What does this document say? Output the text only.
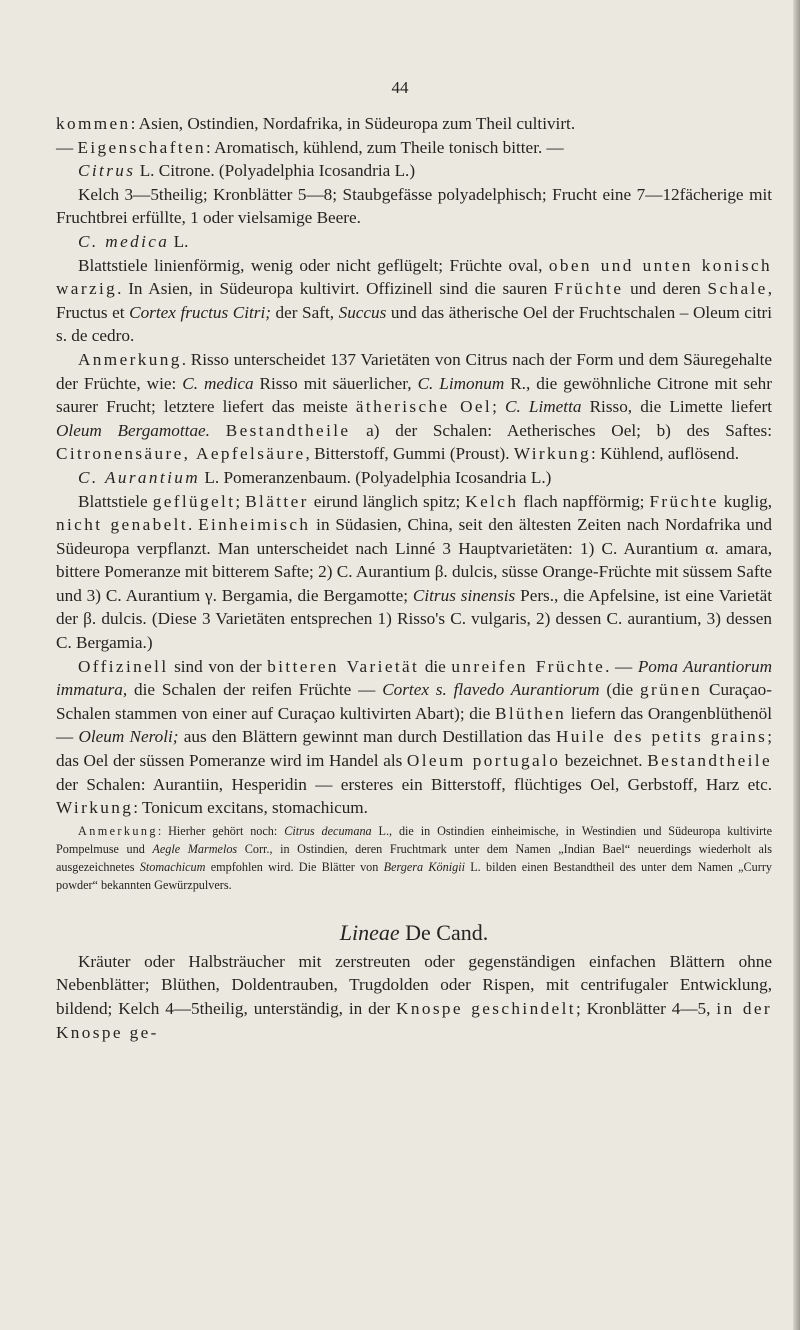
44

kommen: Asien, Ostindien, Nordafrika, in Südeuropa zum Theil cultivirt.

— Eigenschaften: Aromatisch, kühlend, zum Theile tonisch bitter. —

Citrus L. Citrone. (Polyadelphia Icosandria L.)

Kelch 3—5theilig; Kronblätter 5—8; Staubgefässe polyadelphisch; Frucht eine 7—12fächerige mit Fruchtbrei erfüllte, 1 oder vielsamige Beere.

C. medica L.

Blattstiele linienförmig, wenig oder nicht geflügelt; Früchte oval, oben und unten konisch warzig. In Asien, in Südeuropa kultivirt. Offizinell sind die sauren Früchte und deren Schale, Fructus et Cortex fructus Citri; der Saft, Succus und das ätherische Oel der Fruchtschalen – Oleum citri s. de cedro.

Anmerkung. Risso unterscheidet 137 Varietäten von Citrus nach der Form und dem Säuregehalte der Früchte, wie: C. medica Risso mit säuerlicher, C. Limonum R., die gewöhnliche Citrone mit sehr saurer Frucht; letztere liefert das meiste ätherische Oel; C. Limetta Risso, die Limette liefert Oleum Bergamottae. Bestandtheile a) der Schalen: Aetherisches Oel; b) des Saftes: Citronensäure, Aepfelsäure, Bitterstoff, Gummi (Proust). Wirkung: Kühlend, auflösend.

C. Aurantium L. Pomeranzenbaum. (Polyadelphia Icosandria L.)

Blattstiele geflügelt; Blätter eirund länglich spitz; Kelch flach napfförmig; Früchte kuglig, nicht genabelt. Einheimisch in Südasien, China, seit den ältesten Zeiten nach Nordafrika und Südeuropa verpflanzt. Man unterscheidet nach Linné 3 Hauptvarietäten: 1) C. Aurantium α. amara, bittere Pomeranze mit bitterem Safte; 2) C. Aurantium β. dulcis, süsse Orange-Früchte mit süssem Safte und 3) C. Aurantium γ. Bergamia, die Bergamotte; Citrus sinensis Pers., die Apfelsine, ist eine Varietät der β. dulcis. (Diese 3 Varietäten entsprechen 1) Risso's C. vulgaris, 2) dessen C. aurantium, 3) dessen C. Bergamia.)

Offizinell sind von der bitteren Varietät die unreifen Früchte. — Poma Aurantiorum immatura, die Schalen der reifen Früchte — Cortex s. flavedo Aurantiorum (die grünen Curaçao-Schalen stammen von einer auf Curaçao kultivirten Abart); die Blüthen liefern das Orangenblüthenöl — Oleum Neroli; aus den Blättern gewinnt man durch Destillation das Huile des petits grains; das Oel der süssen Pomeranze wird im Handel als Oleum portugalo bezeichnet. Bestandtheile der Schalen: Aurantiin, Hesperidin — ersteres ein Bitterstoff, flüchtiges Oel, Gerbstoff, Harz etc. Wirkung: Tonicum excitans, stomachicum.

Anmerkung: Hierher gehört noch: Citrus decumana L., die in Ostindien einheimische, in Westindien und Südeuropa kultivirte Pompelmuse und Aegle Marmelos Corr., in Ostindien, deren Fruchtmark unter dem Namen „Indian Bael“ neuerdings wiederholt als ausgezeichnetes Stomachicum empfohlen wird. Die Blätter von Bergera Königii L. bilden einen Bestandtheil des unter dem Namen „Curry powder“ bekannten Gewürzpulvers.

Lineae De Cand.

Kräuter oder Halbsträucher mit zerstreuten oder gegenständigen einfachen Blättern ohne Nebenblätter; Blüthen, Doldentrauben, Trugdolden oder Rispen, mit centrifugaler Entwicklung, bildend; Kelch 4—5theilig, unterständig, in der Knospe geschindelt; Kronblätter 4—5, in der Knospe ge-
